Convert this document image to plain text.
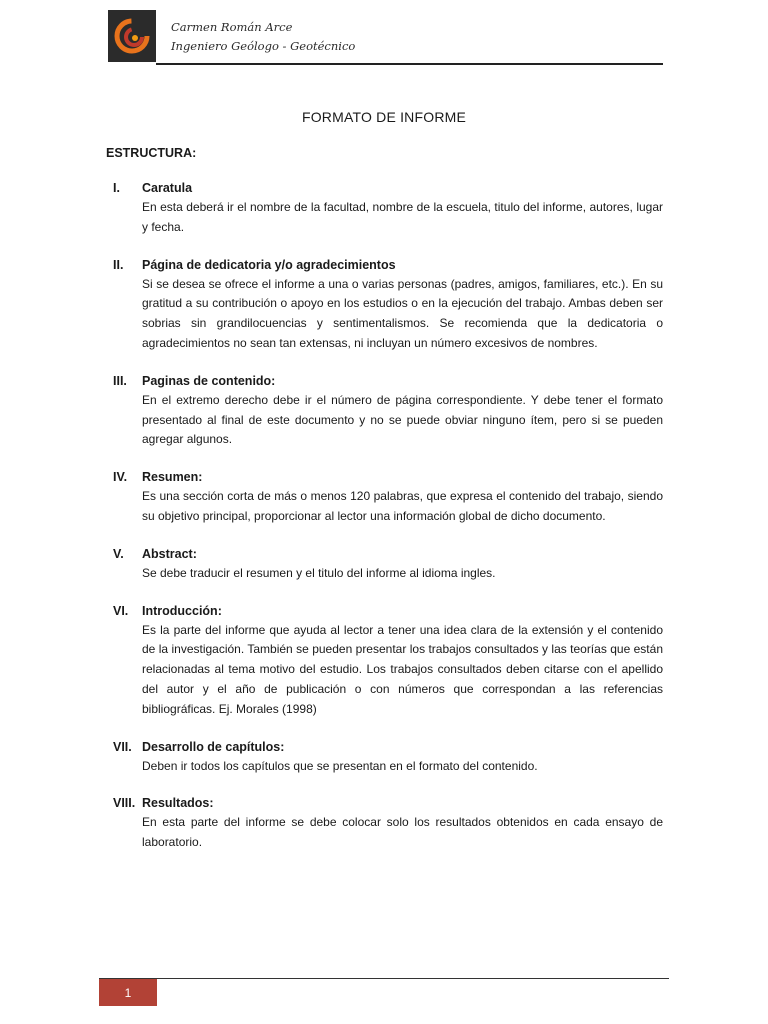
Carmen Román Arce
Ingeniero Geólogo - Geotécnico
FORMATO DE INFORME
ESTRUCTURA:
I.	Caratula
En esta deberá ir el nombre de la facultad, nombre de la escuela, titulo del informe, autores, lugar y fecha.
II.	Página de dedicatoria y/o agradecimientos
Si se desea se ofrece el informe a una o varias personas (padres, amigos, familiares, etc.). En su gratitud a su contribución o apoyo en los estudios o en la ejecución del trabajo. Ambas deben ser sobrias sin grandilocuencias y sentimentalismos. Se recomienda que la dedicatoria o agradecimientos no sean tan extensas, ni incluyan un número excesivos de nombres.
III.	Paginas de contenido:
En el extremo derecho debe ir el número de página correspondiente. Y debe tener el formato presentado al final de este documento y no se puede obviar ninguno ítem, pero si se pueden agregar algunos.
IV.	Resumen:
Es una sección corta de más o menos 120 palabras, que expresa el contenido del trabajo, siendo su objetivo principal, proporcionar al lector una información global de dicho documento.
V.	Abstract:
Se debe traducir el resumen y el titulo del informe al idioma ingles.
VI.	Introducción:
Es la parte del informe que ayuda al lector a tener una idea clara de la extensión y el contenido de la investigación. También se pueden presentar los trabajos consultados y las teorías que están relacionadas al tema motivo del estudio. Los trabajos consultados deben citarse con el apellido del autor y el año de publicación o con números que correspondan a las referencias bibliográficas. Ej. Morales (1998)
VII. Desarrollo de capítulos:
Deben ir todos los capítulos que se presentan en el formato del contenido.
VIII. Resultados:
En esta parte del informe se debe colocar solo los resultados obtenidos en cada ensayo de laboratorio.
1
